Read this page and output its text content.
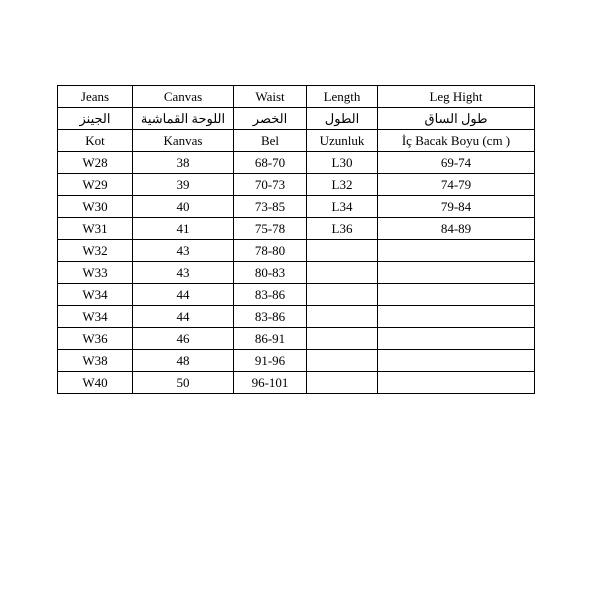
Jeans	Canvas	Waist	Length	Leg Hight
الجينز	اللوحة القماشية	الخصر	الطول	طول الساق
Kot	Kanvas	Bel	Uzunluk	İç Bacak Boyu (cm )
W28	38	68-70	L30	69-74
W29	39	70-73	L32	74-79
W30	40	73-85	L34	79-84
W31	41	75-78	L36	84-89
W32	43	78-80		
W33	43	80-83		
W34	44	83-86		
W34	44	83-86		
W36	46	86-91		
W38	48	91-96		
W40	50	96-101		
